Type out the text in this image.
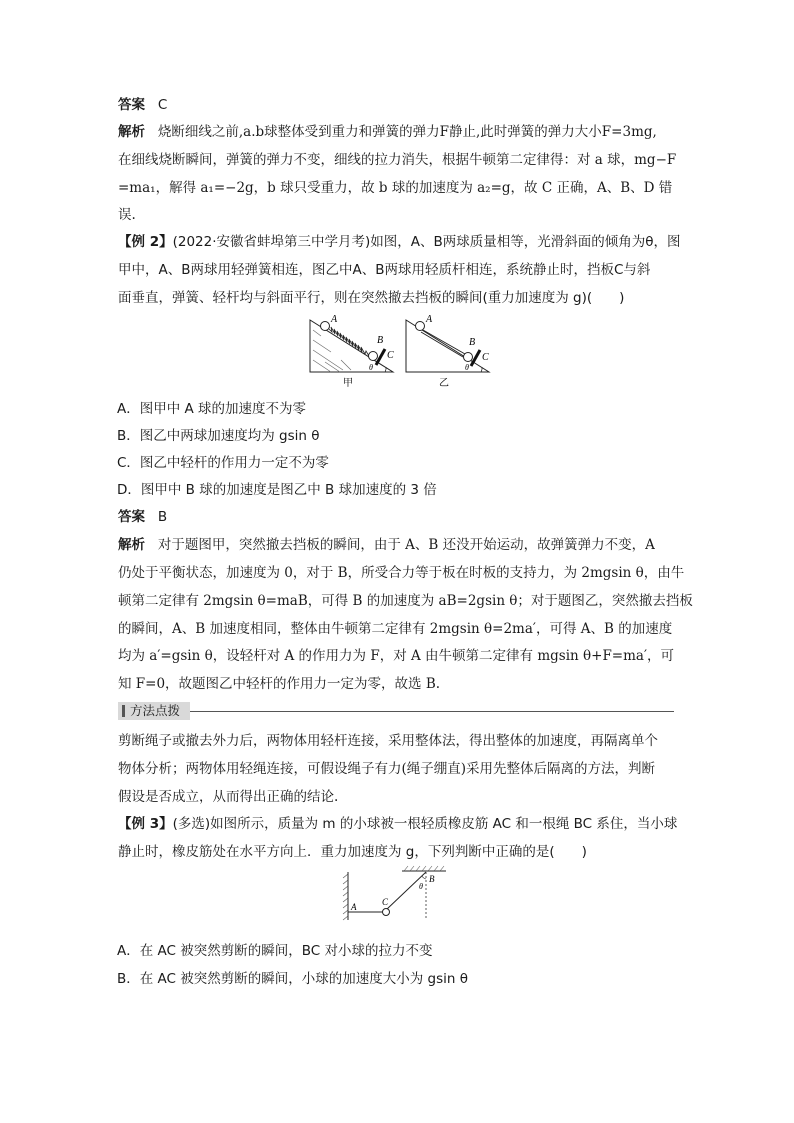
答案 C
解析 烧断细线之前,a.b球整体受到重力和弹簧的弹力F静止,此时弹簧的弹力大小F=3mg,
在细线烧断瞬间，弹簧的弹力不变，细线的拉力消失，根据牛顿第二定律得：对 a 球，mg−F
=ma₁，解得 a₁=−2g，b 球只受重力，故 b 球的加速度为 a₂=g，故 C 正确，A、B、D 错
误.
【例 2】(2022·安徽省蚌埠第三中学月考)如图，A、B两球质量相等，光滑斜面的倾角为θ，图
甲中，A、B两球用轻弹簧相连，图乙中A、B两球用轻质杆相连，系统静止时，挡板C与斜
面垂直，弹簧、轻杆均与斜面平行，则在突然撤去挡板的瞬间(重力加速度为 g)(　　)
A
B
C
θ
甲
A
B
C
θ
乙
A．图甲中 A 球的加速度不为零
B．图乙中两球加速度均为 gsin θ
C．图乙中轻杆的作用力一定不为零
D．图甲中 B 球的加速度是图乙中 B 球加速度的 3 倍
答案 B
解析 对于题图甲，突然撤去挡板的瞬间，由于 A、B 还没开始运动，故弹簧弹力不变，A
仍处于平衡状态，加速度为 0，对于 B，所受合力等于板在时板的支持力，为 2mgsin θ，由牛
顿第二定律有 2mgsin θ=maB，可得 B 的加速度为 aB=2gsin θ；对于题图乙，突然撤去挡板
的瞬间，A、B 加速度相同，整体由牛顿第二定律有 2mgsin θ=2ma′，可得 A、B 的加速度
均为 a′=gsin θ，设轻杆对 A 的作用力为 F，对 A 由牛顿第二定律有 mgsin θ+F=ma′，可
知 F=0，故题图乙中轻杆的作用力一定为零，故选 B.
方法点拨
剪断绳子或撤去外力后，两物体用轻杆连接，采用整体法，得出整体的加速度，再隔离单个
物体分析；两物体用轻绳连接，可假设绳子有力(绳子绷直)采用先整体后隔离的方法，判断
假设是否成立，从而得出正确的结论.
【例 3】(多选)如图所示，质量为 m 的小球被一根轻质橡皮筋 AC 和一根绳 BC 系住，当小球
静止时，橡皮筋处在水平方向上．重力加速度为 g，下列判断中正确的是(　　)
A	C
B
θ
A．在 AC 被突然剪断的瞬间，BC 对小球的拉力不变
B．在 AC 被突然剪断的瞬间，小球的加速度大小为 gsin θ
